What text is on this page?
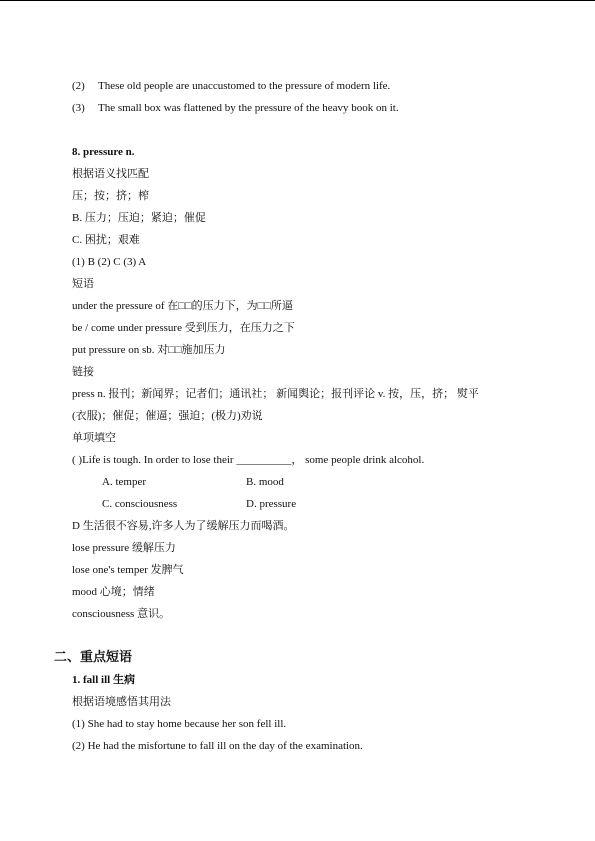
(2) These old people are unaccustomed to the pressure of modern life.
(3) The small box was flattened by the pressure of the heavy book on it.
8. pressure n.
根据语义找匹配
压；按；挤；榨
B. 压力；压迫；紧迫；催促
C. 困扰；艰难
(1) B (2) C (3) A
短语
under the pressure of 在□□的压力下，为□□所逼
be / come under pressure 受到压力，在压力之下
put pressure on sb. 对□□施加压力
链接
press n. 报刊；新闻界；记者们；通讯社； 新闻舆论；报刊评论 v. 按，压，挤； 熨平
(衣服)；催促；催逼；强迫；(极力)劝说
单项填空
( )Life is tough. In order to lose their __________， some people drink alcohol.
A. temper	B. mood
C. consciousness	D. pressure
D 生活很不容易,许多人为了缓解压力而喝酒。
lose pressure 缓解压力
lose one's temper 发脾气
mood 心境；情绪
consciousness 意识。
二、重点短语
1. fall ill 生病
根据语境感悟其用法
(1) She had to stay home because her son fell ill.
(2) He had the misfortune to fall ill on the day of the examination.
